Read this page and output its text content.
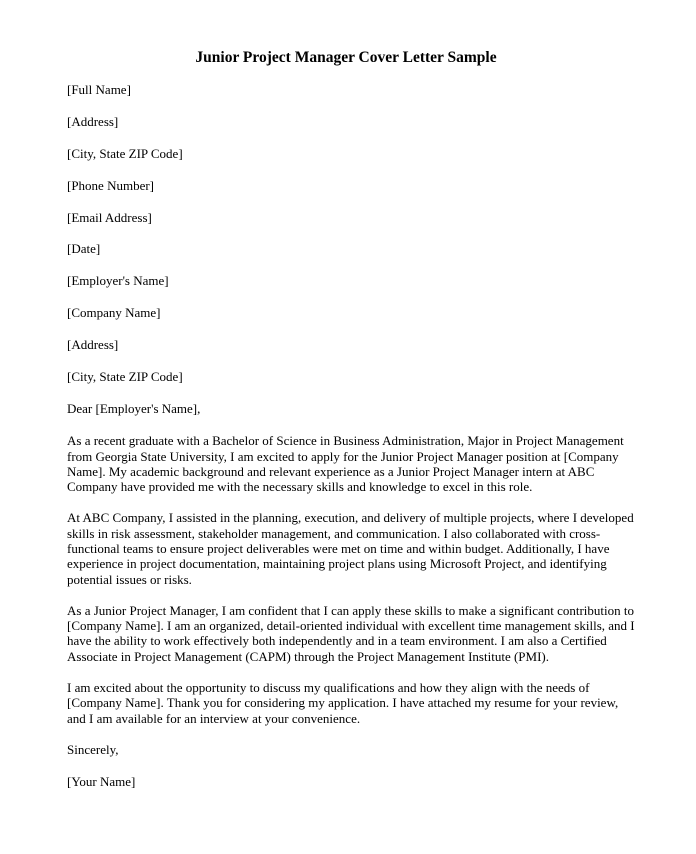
Junior Project Manager Cover Letter Sample

[Full Name]

[Address]

[City, State ZIP Code]

[Phone Number]

[Email Address]

[Date]

[Employer's Name]

[Company Name]

[Address]

[City, State ZIP Code]

Dear [Employer's Name],

As a recent graduate with a Bachelor of Science in Business Administration, Major in Project Management from Georgia State University, I am excited to apply for the Junior Project Manager position at [Company Name]. My academic background and relevant experience as a Junior Project Manager intern at ABC Company have provided me with the necessary skills and knowledge to excel in this role.

At ABC Company, I assisted in the planning, execution, and delivery of multiple projects, where I developed skills in risk assessment, stakeholder management, and communication. I also collaborated with cross-functional teams to ensure project deliverables were met on time and within budget. Additionally, I have experience in project documentation, maintaining project plans using Microsoft Project, and identifying potential issues or risks.

As a Junior Project Manager, I am confident that I can apply these skills to make a significant contribution to [Company Name]. I am an organized, detail-oriented individual with excellent time management skills, and I have the ability to work effectively both independently and in a team environment. I am also a Certified Associate in Project Management (CAPM) through the Project Management Institute (PMI).

I am excited about the opportunity to discuss my qualifications and how they align with the needs of [Company Name]. Thank you for considering my application. I have attached my resume for your review, and I am available for an interview at your convenience.

Sincerely,

[Your Name]
